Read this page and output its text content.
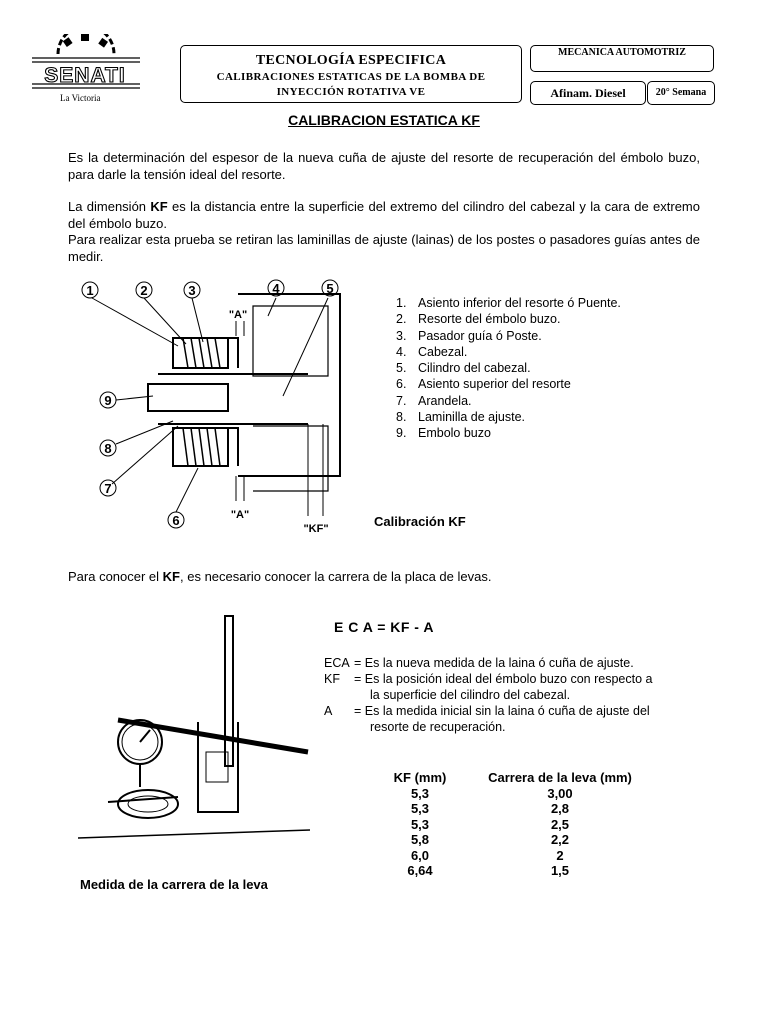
SENATI
La Victoria
TECNOLOGÍA ESPECIFICA
CALIBRACIONES ESTATICAS DE LA BOMBA DE
INYECCIÓN ROTATIVA VE
MECANICA AUTOMOTRIZ
Afinam. Diesel	20° Semana
CALIBRACION ESTATICA KF
Es la determinación del espesor de la nueva cuña de ajuste del resorte de recuperación del émbolo buzo, para darle la tensión ideal del resorte.
La dimensión KF es la distancia entre la superficie del extremo del cilindro del cabezal y la cara de extremo del émbolo buzo.
Para realizar esta prueba se retiran las laminillas de ajuste (lainas) de los postes o pasadores guías antes de medir.
1	2	3	4	5
9
8
7
6
"A"
"A"
"KF"
1. Asiento inferior del resorte ó Puente.
2. Resorte del émbolo buzo.
3. Pasador guía ó Poste.
4. Cabezal.
5. Cilindro del cabezal.
6. Asiento superior del resorte
7. Arandela.
8. Laminilla de ajuste.
9. Embolo buzo
Calibración KF
Para conocer el KF, es necesario conocer la carrera de la placa de levas.
E C A = KF - A
ECA = Es la nueva medida de la laina ó cuña de ajuste.
KF	= Es la posición ideal del émbolo buzo con respecto a
la superficie del cilindro del cabezal.
A	= Es la medida inicial sin la laina ó cuña de ajuste del
resorte de recuperación.
KF (mm)	Carrera de la leva (mm)
5,3	3,00
5,3	2,8
5,3	2,5
5,8	2,2
6,0	2
6,64	1,5
Medida de la carrera de la leva
